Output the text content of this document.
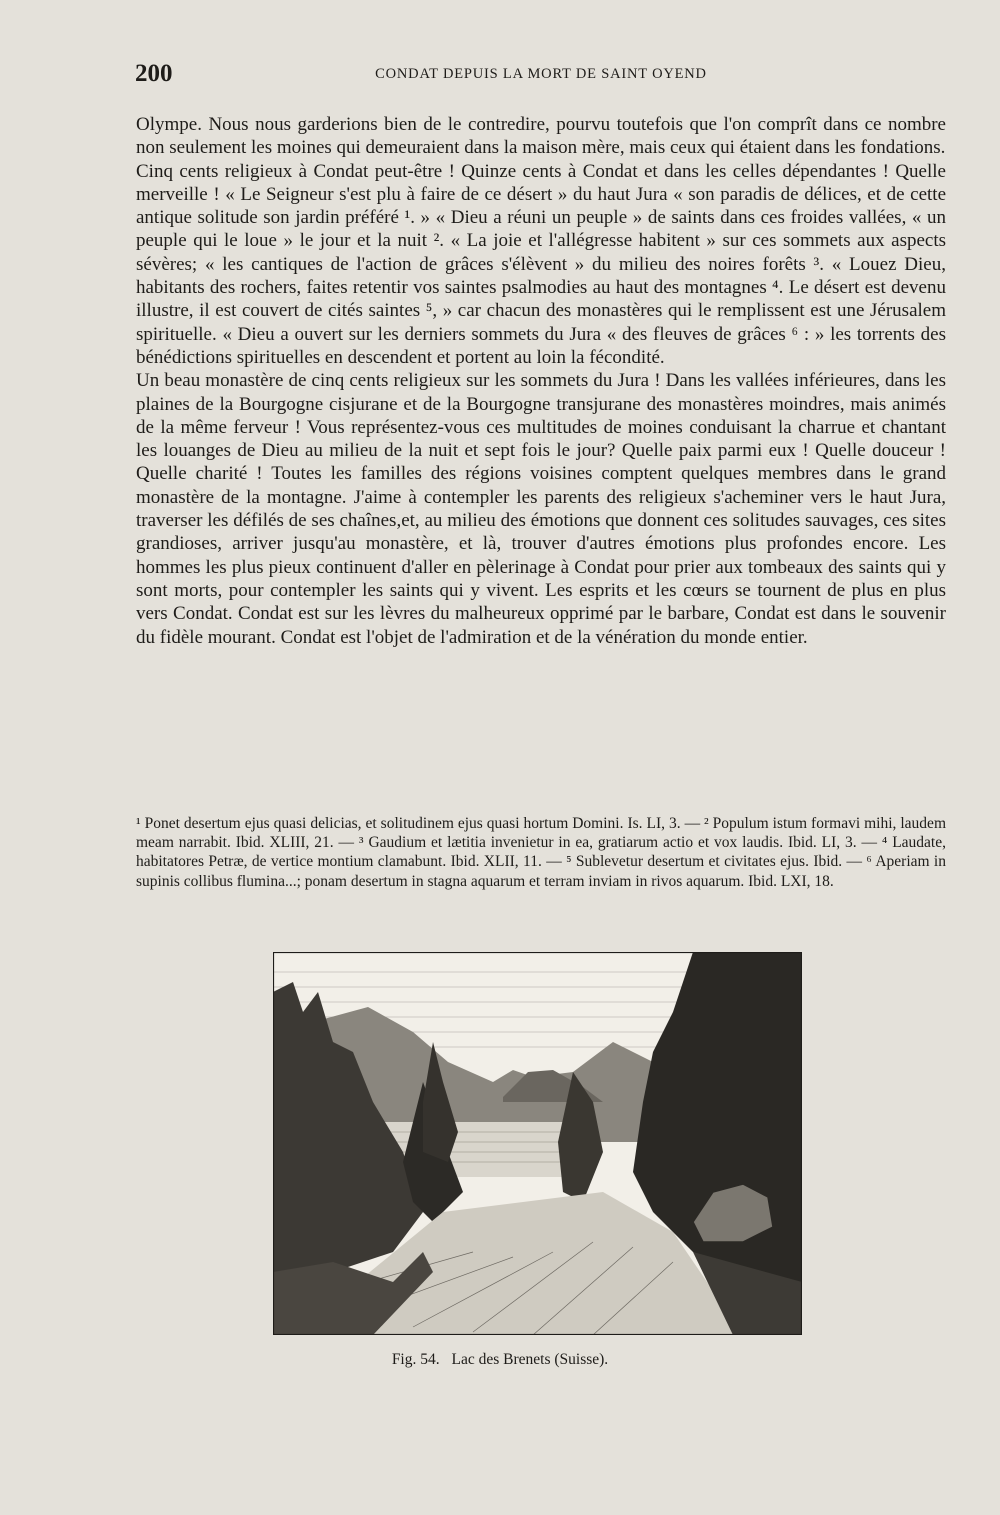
200	CONDAT DEPUIS LA MORT DE SAINT OYEND

Olympe. Nous nous garderions bien de le contredire, pourvu toutefois que l'on comprît dans ce nombre non seulement les moines qui demeuraient dans la maison mère, mais ceux qui étaient dans les fondations.

Cinq cents religieux à Condat peut-être ! Quinze cents à Condat et dans les celles dépendantes ! Quelle merveille ! « Le Seigneur s'est plu à faire de ce désert » du haut Jura « son paradis de délices, et de cette antique solitude son jardin préféré ¹. » « Dieu a réuni un peuple » de saints dans ces froides vallées, « un peuple qui le loue » le jour et la nuit ². « La joie et l'allégresse habitent » sur ces sommets aux aspects sévères; « les cantiques de l'action de grâces s'élèvent » du milieu des noires forêts ³. « Louez Dieu, habitants des rochers, faites retentir vos saintes psalmodies au haut des montagnes ⁴. Le désert est devenu illustre, il est couvert de cités saintes ⁵, » car chacun des monastères qui le remplissent est une Jérusalem spirituelle. « Dieu a ouvert sur les derniers sommets du Jura « des fleuves de grâces ⁶ : » les torrents des bénédictions spirituelles en descendent et portent au loin la fécondité.

Un beau monastère de cinq cents religieux sur les sommets du Jura ! Dans les vallées inférieures, dans les plaines de la Bourgogne cisjurane et de la Bourgogne transjurane des monastères moindres, mais animés de la même ferveur ! Vous représentez-vous ces multitudes de moines conduisant la charrue et chantant les louanges de Dieu au milieu de la nuit et sept fois le jour? Quelle paix parmi eux ! Quelle douceur ! Quelle charité ! Toutes les familles des régions voisines comptent quelques membres dans le grand monastère de la montagne. J'aime à contempler les parents des religieux s'acheminer vers le haut Jura, traverser les défilés de ses chaînes,et, au milieu des émotions que donnent ces solitudes sauvages, ces sites grandioses, arriver jusqu'au monastère, et là, trouver d'autres émotions plus profondes encore. Les hommes les plus pieux continuent d'aller en pèlerinage à Condat pour prier aux tombeaux des saints qui y sont morts, pour contempler les saints qui y vivent. Les esprits et les cœurs se tournent de plus en plus vers Condat. Condat est sur les lèvres du malheureux opprimé par le barbare, Condat est dans le souvenir du fidèle mourant. Condat est l'objet de l'admiration et de la vénération du monde entier.

¹ Ponet desertum ejus quasi delicias, et solitudinem ejus quasi hortum Domini. Is. LI, 3. — ² Populum istum formavi mihi, laudem meam narrabit. Ibid. XLIII, 21. — ³ Gaudium et lætitia invenietur in ea, gratiarum actio et vox laudis. Ibid. LI, 3. — ⁴ Laudate, habitatores Petræ, de vertice montium clamabunt. Ibid. XLII, 11. — ⁵ Sublevetur desertum et civitates ejus. Ibid. — ⁶ Aperiam in supinis collibus flumina...; ponam desertum in stagna aquarum et terram inviam in rivos aquarum. Ibid. LXI, 18.

Fig. 54. Lac des Brenets (Suisse).
